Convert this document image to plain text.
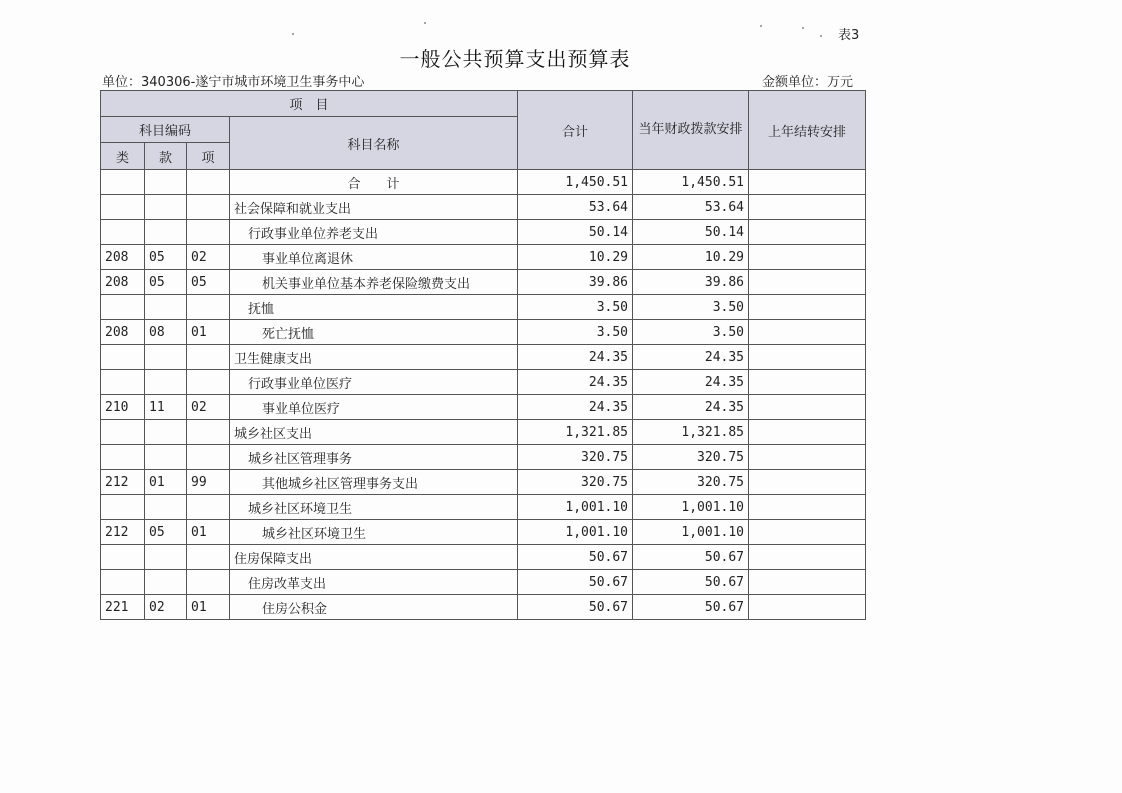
表3
一般公共预算支出预算表
单位：340306-遂宁市城市环境卫生事务中心	金额单位：万元
项　目				合计	当年财政拨款安排	上年结转安排
科目编码			科目名称			
类	款	项				
			合　　计	1,450.51	1,450.51	
			社会保障和就业支出	53.64	53.64	
			行政事业单位养老支出	50.14	50.14	
208	05	02	事业单位离退休	10.29	10.29	
208	05	05	机关事业单位基本养老保险缴费支出	39.86	39.86	
			抚恤	3.50	3.50	
208	08	01	死亡抚恤	3.50	3.50	
			卫生健康支出	24.35	24.35	
			行政事业单位医疗	24.35	24.35	
210	11	02	事业单位医疗	24.35	24.35	
			城乡社区支出	1,321.85	1,321.85	
			城乡社区管理事务	320.75	320.75	
212	01	99	其他城乡社区管理事务支出	320.75	320.75	
			城乡社区环境卫生	1,001.10	1,001.10	
212	05	01	城乡社区环境卫生	1,001.10	1,001.10	
			住房保障支出	50.67	50.67	
			住房改革支出	50.67	50.67	
221	02	01	住房公积金	50.67	50.67	
